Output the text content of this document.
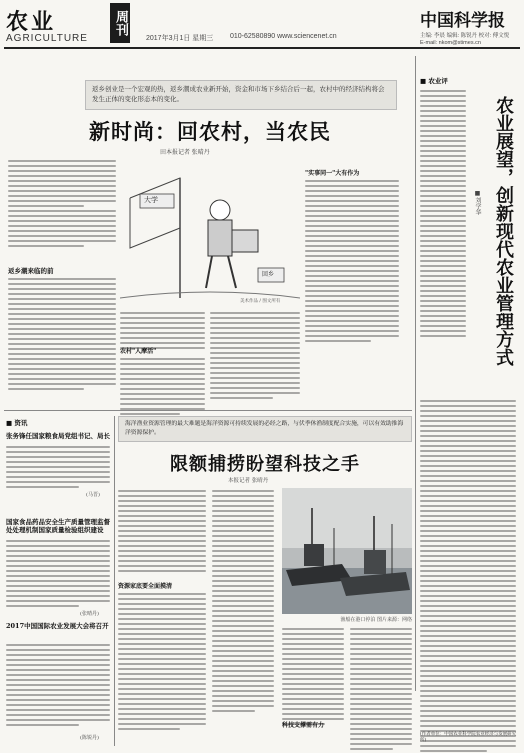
农业
AGRICULTURE
周刊
2017年3月1日 星期三 010-62580890 www.sciencenet.cn
中国科学报
主编: 李晨 编辑: 陈锐丹 校对: 傅文悦
E-mail: nkom@stimes.cn
返乡创业是一个宏观的热，返乡潮成农业新开始，资金和市场下乡结合后一起，农村中的经济结构将会发生正体的变化形态本的变化。
新时尚：回农村，当农民
田本报记者 张晴丹
返乡潮来临的前
大学
回乡
美术作品 / 图文所有
农村"人摩活"
"实事同一"大有作为
■ 农业评
农业展望，创新现代农业管理方式
■刘学华
(作者单位：中国农业科学院农业经济与发展研究所)
■ 资讯
张务锋任国家粮食局党组书记、局长
(马晋)
国家食品药品安全生产质量管理监督处处理机制国家质量检验组织建设
(张晴丹)
2017中国国际农业发展大会将召开
(陈锐丹)
海洋渔业资源管理的最大难题是海洋资源可持续发展的必经之路，与伏季休渔制度配合实施，可以有效助推海洋资源保护。
限额捕捞盼望科技之手
本报记者 张晴丹
资源家底要全面摸清
渔船在港口停泊 图片来源：网络
科技支撑需有力
